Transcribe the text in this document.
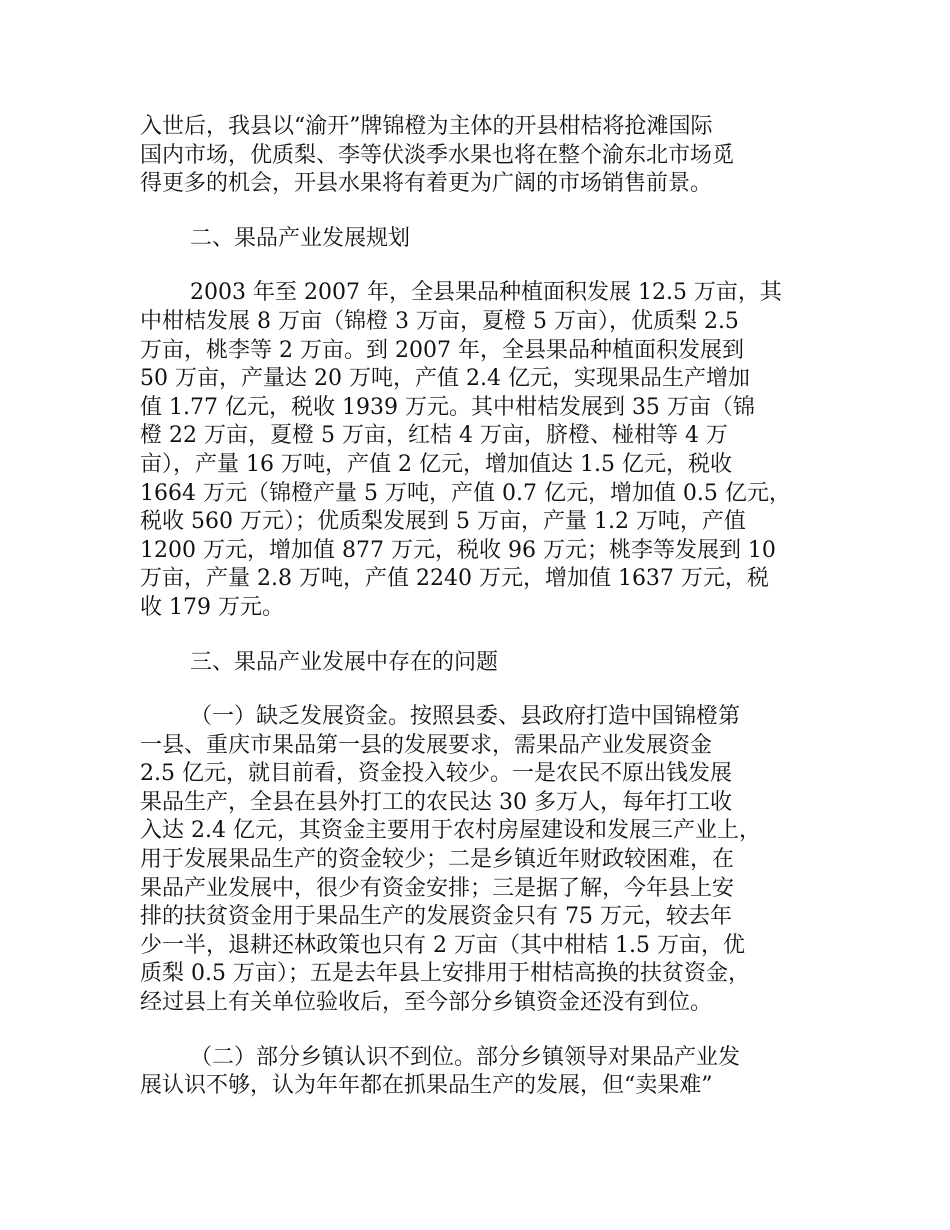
入世后，我县以“渝开”牌锦橙为主体的开县柑桔将抢滩国际
国内市场，优质梨、李等伏淡季水果也将在整个渝东北市场觅
得更多的机会，开县水果将有着更为广阔的市场销售前景。
二、果品产业发展规划
2003 年至 2007 年，全县果品种植面积发展 12.5 万亩，其
中柑桔发展 8 万亩（锦橙 3 万亩，夏橙 5 万亩），优质梨 2.5
万亩，桃李等 2 万亩。到 2007 年，全县果品种植面积发展到
50 万亩，产量达 20 万吨，产值 2.4 亿元，实现果品生产增加
值 1.77 亿元，税收 1939 万元。其中柑桔发展到 35 万亩（锦
橙 22 万亩，夏橙 5 万亩，红桔 4 万亩，脐橙、椪柑等 4 万
亩），产量 16 万吨，产值 2 亿元，增加值达 1.5 亿元，税收
1664 万元（锦橙产量 5 万吨，产值 0.7 亿元，增加值 0.5 亿元，
税收 560 万元）；优质梨发展到 5 万亩，产量 1.2 万吨，产值
1200 万元，增加值 877 万元，税收 96 万元；桃李等发展到 10
万亩，产量 2.8 万吨，产值 2240 万元，增加值 1637 万元，税
收 179 万元。
三、果品产业发展中存在的问题
（一）缺乏发展资金。按照县委、县政府打造中国锦橙第
一县、重庆市果品第一县的发展要求，需果品产业发展资金
2.5 亿元，就目前看，资金投入较少。一是农民不原出钱发展
果品生产，全县在县外打工的农民达 30 多万人，每年打工收
入达 2.4 亿元，其资金主要用于农村房屋建设和发展三产业上，
用于发展果品生产的资金较少；二是乡镇近年财政较困难，在
果品产业发展中，很少有资金安排；三是据了解，今年县上安
排的扶贫资金用于果品生产的发展资金只有 75 万元，较去年
少一半，退耕还林政策也只有 2 万亩（其中柑桔 1.5 万亩，优
质梨 0.5 万亩）；五是去年县上安排用于柑桔高换的扶贫资金，
经过县上有关单位验收后，至今部分乡镇资金还没有到位。
（二）部分乡镇认识不到位。部分乡镇领导对果品产业发
展认识不够，认为年年都在抓果品生产的发展，但“卖果难”
